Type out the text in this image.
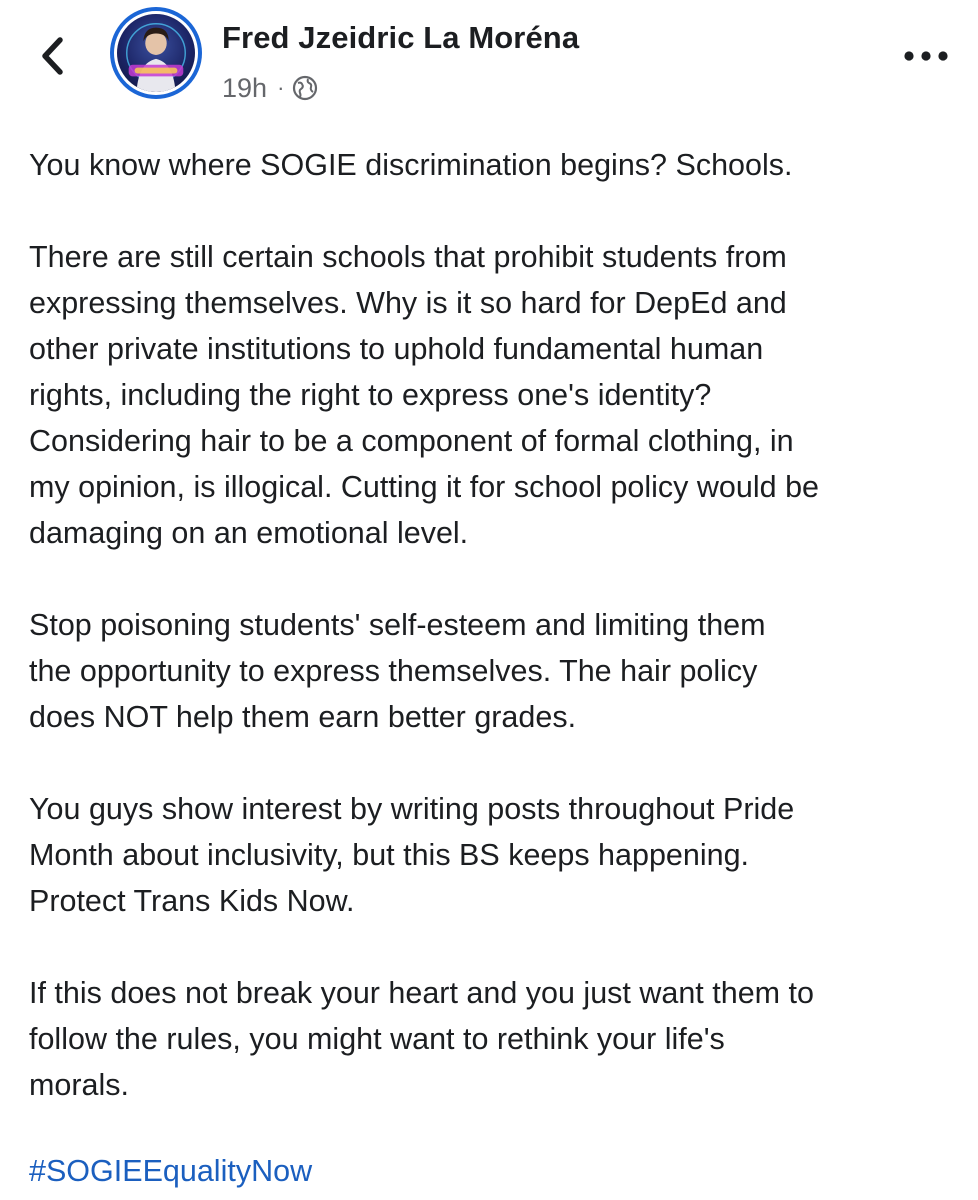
Fred Jzeidric La Moréna
19h ·

You know where SOGIE discrimination begins? Schools.

There are still certain schools that prohibit students from
expressing themselves. Why is it so hard for DepEd and
other private institutions to uphold fundamental human
rights, including the right to express one's identity?
Considering hair to be a component of formal clothing, in
my opinion, is illogical. Cutting it for school policy would be
damaging on an emotional level.

Stop poisoning students' self-esteem and limiting them
the opportunity to express themselves. The hair policy
does NOT help them earn better grades.

You guys show interest by writing posts throughout Pride
Month about inclusivity, but this BS keeps happening.
Protect Trans Kids Now.

If this does not break your heart and you just want them to
follow the rules, you might want to rethink your life's
morals.

#SOGIEEqualityNow
